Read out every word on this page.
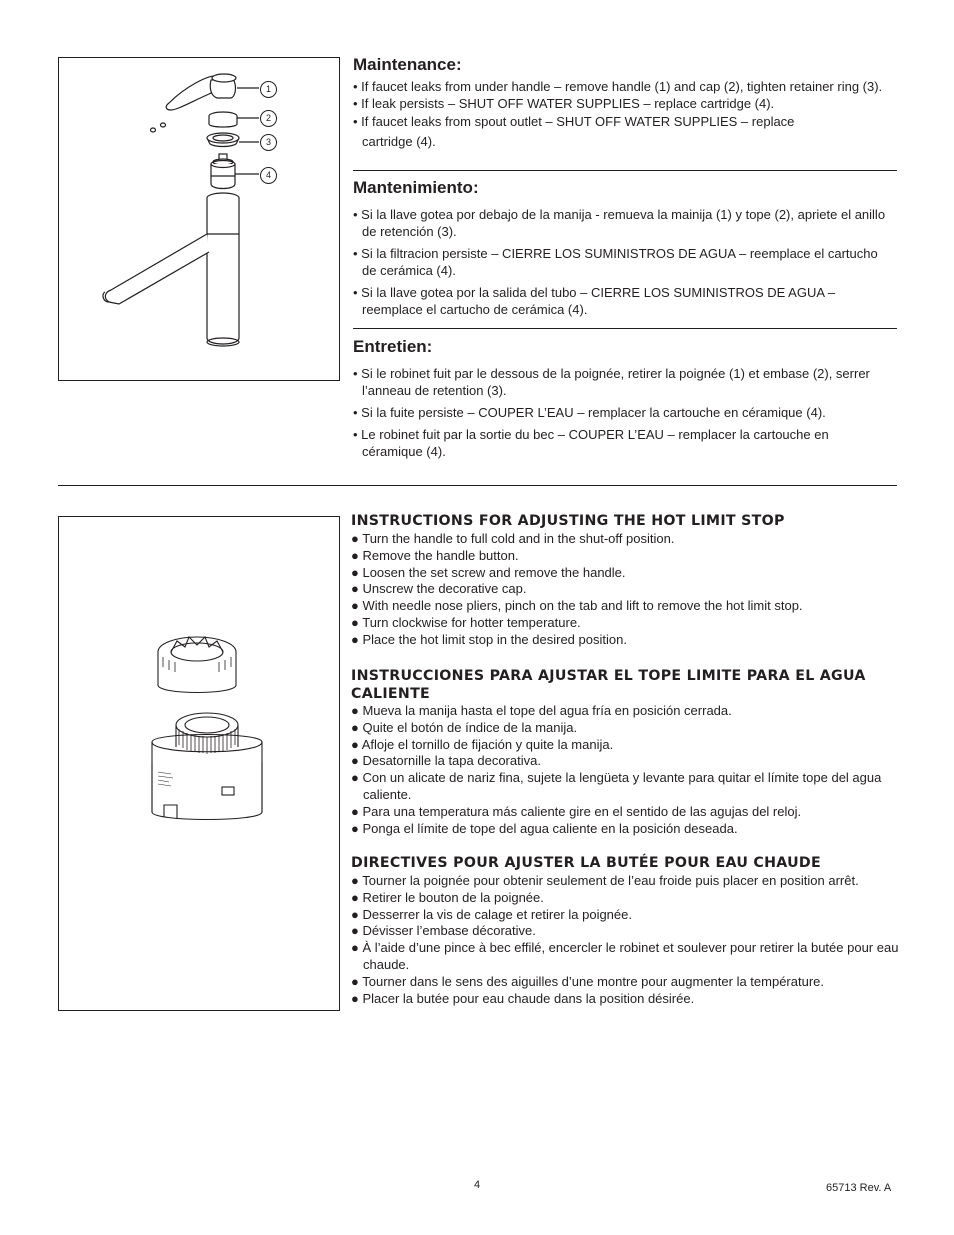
1
2
3
4
Maintenance:
• If faucet leaks from under handle – remove handle (1) and cap (2), tighten retainer ring (3).
• If leak persists – SHUT OFF WATER SUPPLIES – replace cartridge (4).
• If faucet leaks from spout outlet – SHUT OFF WATER SUPPLIES – replace cartridge (4).
Mantenimiento:
• Si la llave gotea por debajo de la manija - remueva la mainija (1) y tope (2), apriete el anillo de retención (3).
• Si la filtracion persiste – CIERRE LOS SUMINISTROS DE AGUA – reemplace el cartucho de cerámica (4).
• Si la llave gotea por la salida del tubo – CIERRE LOS SUMINISTROS DE AGUA – reemplace el cartucho de cerámica (4).
Entretien:
• Si le robinet fuit par le dessous de la poignée, retirer la poignée (1) et embase (2), serrer l’anneau de retention (3).
• Si la fuite persiste – COUPER L’EAU – remplacer la cartouche en céramique (4).
• Le robinet fuit par la sortie du bec – COUPER L’EAU – remplacer la cartouche en céramique (4).
INSTRUCTIONS FOR ADJUSTING THE HOT LIMIT STOP
● Turn the handle to full cold and in the shut-off position.
● Remove the handle button.
● Loosen the set screw and remove the handle.
● Unscrew the decorative cap.
● With needle nose pliers, pinch on the tab and lift to remove the hot limit stop.
● Turn clockwise for hotter temperature.
● Place the hot limit stop in the desired position.
INSTRUCCIONES PARA AJUSTAR EL TOPE LIMITE PARA EL AGUA CALIENTE
● Mueva la manija hasta el tope del agua fría en posición cerrada.
● Quite el botón de índice de la manija.
● Afloje el tornillo de fijación y quite la manija.
● Desatornille la tapa decorativa.
● Con un alicate de nariz fina, sujete la lengüeta y levante para quitar el límite tope del agua caliente.
● Para una temperatura más caliente gire en el sentido de las agujas del reloj.
● Ponga el límite de tope del agua caliente en la posición deseada.
DIRECTIVES POUR AJUSTER LA BUTÉE POUR EAU CHAUDE
● Tourner la poignée pour obtenir seulement de l’eau froide puis placer en position arrêt.
● Retirer le bouton de la poignée.
● Desserrer la vis de calage et retirer la poignée.
● Dévisser l’embase décorative.
● À l’aide d’une pince à bec effilé, encercler le robinet et soulever pour retirer la butée pour eau chaude.
● Tourner dans le sens des aiguilles d’une montre pour augmenter la température.
● Placer la butée pour eau chaude dans la position désirée.
4	65713 Rev. A
